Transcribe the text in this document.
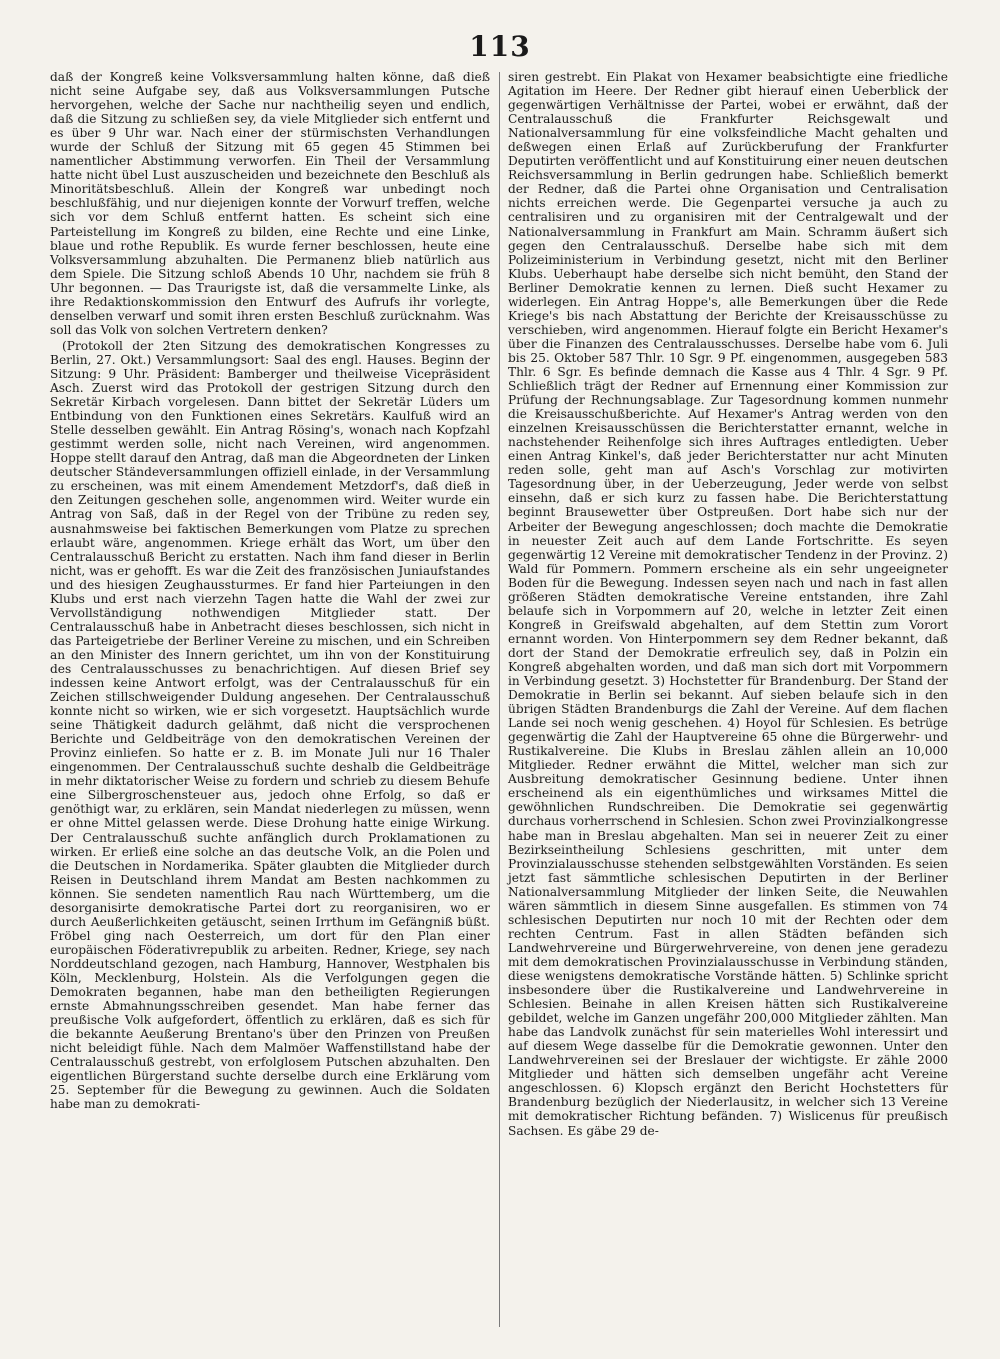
113

daß der Kongreß keine Volksversammlung halten könne, daß dieß nicht seine Aufgabe sey, daß aus Volksversammlungen Putsche hervorgehen, welche der Sache nur nachtheilig seyen und endlich, daß die Sitzung zu schließen sey, da viele Mitglieder sich entfernt und es über 9 Uhr war. Nach einer der stürmischsten Verhandlungen wurde der Schluß der Sitzung mit 65 gegen 45 Stimmen bei namentlicher Abstimmung verworfen. Ein Theil der Versammlung hatte nicht übel Lust auszuscheiden und bezeichnete den Beschluß als Minoritätsbeschluß. Allein der Kongreß war unbedingt noch beschlußfähig, und nur diejenigen konnte der Vorwurf treffen, welche sich vor dem Schluß entfernt hatten. Es scheint sich eine Parteistellung im Kongreß zu bilden, eine Rechte und eine Linke, blaue und rothe Republik. Es wurde ferner beschlossen, heute eine Volksversammlung abzuhalten. Die Permanenz blieb natürlich aus dem Spiele. Die Sitzung schloß Abends 10 Uhr, nachdem sie früh 8 Uhr begonnen. — Das Traurigste ist, daß die versammelte Linke, als ihre Redaktionskommission den Entwurf des Aufrufs ihr vorlegte, denselben verwarf und somit ihren ersten Beschluß zurücknahm. Was soll das Volk von solchen Vertretern denken?

(Protokoll der 2ten Sitzung des demokratischen Kongresses zu Berlin, 27. Okt.) Versammlungsort: Saal des engl. Hauses. Beginn der Sitzung: 9 Uhr. Präsident: Bamberger und theilweise Vicepräsident Asch. Zuerst wird das Protokoll der gestrigen Sitzung durch den Sekretär Kirbach vorgelesen. Dann bittet der Sekretär Lüders um Entbindung von den Funktionen eines Sekretärs. Kaulfuß wird an Stelle desselben gewählt. Ein Antrag Rösing's, wonach nach Kopfzahl gestimmt werden solle, nicht nach Vereinen, wird angenommen. Hoppe stellt darauf den Antrag, daß man die Abgeordneten der Linken deutscher Ständeversammlungen offiziell einlade, in der Versammlung zu erscheinen, was mit einem Amendement Metzdorf's, daß dieß in den Zeitungen geschehen solle, angenommen wird. Weiter wurde ein Antrag von Saß, daß in der Regel von der Tribüne zu reden sey, ausnahmsweise bei faktischen Bemerkungen vom Platze zu sprechen erlaubt wäre, angenommen. Kriege erhält das Wort, um über den Centralausschuß Bericht zu erstatten. Nach ihm fand dieser in Berlin nicht, was er gehofft. Es war die Zeit des französischen Juniaufstandes und des hiesigen Zeughaussturmes. Er fand hier Parteiungen in den Klubs und erst nach vierzehn Tagen hatte die Wahl der zwei zur Vervollständigung nothwendigen Mitglieder statt. Der Centralausschuß habe in Anbetracht dieses beschlossen, sich nicht in das Parteigetriebe der Berliner Vereine zu mischen, und ein Schreiben an den Minister des Innern gerichtet, um ihn von der Konstituirung des Centralausschusses zu benachrichtigen. Auf diesen Brief sey indessen keine Antwort erfolgt, was der Centralausschuß für ein Zeichen stillschweigender Duldung angesehen. Der Centralausschuß konnte nicht so wirken, wie er sich vorgesetzt. Hauptsächlich wurde seine Thätigkeit dadurch gelähmt, daß nicht die versprochenen Berichte und Geldbeiträge von den demokratischen Vereinen der Provinz einliefen. So hatte er z. B. im Monate Juli nur 16 Thaler eingenommen. Der Centralausschuß suchte deshalb die Geldbeiträge in mehr diktatorischer Weise zu fordern und schrieb zu diesem Behufe eine Silbergroschensteuer aus, jedoch ohne Erfolg, so daß er genöthigt war, zu erklären, sein Mandat niederlegen zu müssen, wenn er ohne Mittel gelassen werde. Diese Drohung hatte einige Wirkung. Der Centralausschuß suchte anfänglich durch Proklamationen zu wirken. Er erließ eine solche an das deutsche Volk, an die Polen und die Deutschen in Nordamerika. Später glaubten die Mitglieder durch Reisen in Deutschland ihrem Mandat am Besten nachkommen zu können. Sie sendeten namentlich Rau nach Württemberg, um die desorganisirte demokratische Partei dort zu reorganisiren, wo er durch Aeußerlichkeiten getäuscht, seinen Irrthum im Gefängniß büßt. Fröbel ging nach Oesterreich, um dort für den Plan einer europäischen Föderativrepublik zu arbeiten. Redner, Kriege, sey nach Norddeutschland gezogen, nach Hamburg, Hannover, Westphalen bis Köln, Mecklenburg, Holstein. Als die Verfolgungen gegen die Demokraten begannen, habe man den betheiligten Regierungen ernste Abmahnungsschreiben gesendet. Man habe ferner das preußische Volk aufgefordert, öffentlich zu erklären, daß es sich für die bekannte Aeußerung Brentano's über den Prinzen von Preußen nicht beleidigt fühle. Nach dem Malmöer Waffenstillstand habe der Centralausschuß gestrebt, von erfolglosem Putschen abzuhalten. Den eigentlichen Bürgerstand suchte derselbe durch eine Erklärung vom 25. September für die Bewegung zu gewinnen. Auch die Soldaten habe man zu demokrati-

siren gestrebt. Ein Plakat von Hexamer beabsichtigte eine friedliche Agitation im Heere. Der Redner gibt hierauf einen Ueberblick der gegenwärtigen Verhältnisse der Partei, wobei er erwähnt, daß der Centralausschuß die Frankfurter Reichsgewalt und Nationalversammlung für eine volksfeindliche Macht gehalten und deßwegen einen Erlaß auf Zurückberufung der Frankfurter Deputirten veröffentlicht und auf Konstituirung einer neuen deutschen Reichsversammlung in Berlin gedrungen habe. Schließlich bemerkt der Redner, daß die Partei ohne Organisation und Centralisation nichts erreichen werde. Die Gegenpartei versuche ja auch zu centralisiren und zu organisiren mit der Centralgewalt und der Nationalversammlung in Frankfurt am Main. Schramm äußert sich gegen den Centralausschuß. Derselbe habe sich mit dem Polizeiministerium in Verbindung gesetzt, nicht mit den Berliner Klubs. Ueberhaupt habe derselbe sich nicht bemüht, den Stand der Berliner Demokratie kennen zu lernen. Dieß sucht Hexamer zu widerlegen. Ein Antrag Hoppe's, alle Bemerkungen über die Rede Kriege's bis nach Abstattung der Berichte der Kreisausschüsse zu verschieben, wird angenommen. Hierauf folgte ein Bericht Hexamer's über die Finanzen des Centralausschusses. Derselbe habe vom 6. Juli bis 25. Oktober 587 Thlr. 10 Sgr. 9 Pf. eingenommen, ausgegeben 583 Thlr. 6 Sgr. Es befinde demnach die Kasse aus 4 Thlr. 4 Sgr. 9 Pf. Schließlich trägt der Redner auf Ernennung einer Kommission zur Prüfung der Rechnungsablage. Zur Tagesordnung kommen nunmehr die Kreisausschußberichte. Auf Hexamer's Antrag werden von den einzelnen Kreisausschüssen die Berichterstatter ernannt, welche in nachstehender Reihenfolge sich ihres Auftrages entledigten. Ueber einen Antrag Kinkel's, daß jeder Berichterstatter nur acht Minuten reden solle, geht man auf Asch's Vorschlag zur motivirten Tagesordnung über, in der Ueberzeugung, Jeder werde von selbst einsehn, daß er sich kurz zu fassen habe. Die Berichterstattung beginnt Brausewetter über Ostpreußen. Dort habe sich nur der Arbeiter der Bewegung angeschlossen; doch machte die Demokratie in neuester Zeit auch auf dem Lande Fortschritte. Es seyen gegenwärtig 12 Vereine mit demokratischer Tendenz in der Provinz. 2) Wald für Pommern. Pommern erscheine als ein sehr ungeeigneter Boden für die Bewegung. Indessen seyen nach und nach in fast allen größeren Städten demokratische Vereine entstanden, ihre Zahl belaufe sich in Vorpommern auf 20, welche in letzter Zeit einen Kongreß in Greifswald abgehalten, auf dem Stettin zum Vorort ernannt worden. Von Hinterpommern sey dem Redner bekannt, daß dort der Stand der Demokratie erfreulich sey, daß in Polzin ein Kongreß abgehalten worden, und daß man sich dort mit Vorpommern in Verbindung gesetzt. 3) Hochstetter für Brandenburg. Der Stand der Demokratie in Berlin sei bekannt. Auf sieben belaufe sich in den übrigen Städten Brandenburgs die Zahl der Vereine. Auf dem flachen Lande sei noch wenig geschehen. 4) Hoyol für Schlesien. Es betrüge gegenwärtig die Zahl der Hauptvereine 65 ohne die Bürgerwehr- und Rustikalvereine. Die Klubs in Breslau zählen allein an 10,000 Mitglieder. Redner erwähnt die Mittel, welcher man sich zur Ausbreitung demokratischer Gesinnung bediene. Unter ihnen erscheinend als ein eigenthümliches und wirksames Mittel die gewöhnlichen Rundschreiben. Die Demokratie sei gegenwärtig durchaus vorherrschend in Schlesien. Schon zwei Provinzialkongresse habe man in Breslau abgehalten. Man sei in neuerer Zeit zu einer Bezirkseintheilung Schlesiens geschritten, mit unter dem Provinzialausschusse stehenden selbstgewählten Vorständen. Es seien jetzt fast sämmtliche schlesischen Deputirten in der Berliner Nationalversammlung Mitglieder der linken Seite, die Neuwahlen wären sämmtlich in diesem Sinne ausgefallen. Es stimmen von 74 schlesischen Deputirten nur noch 10 mit der Rechten oder dem rechten Centrum. Fast in allen Städten befänden sich Landwehrvereine und Bürgerwehrvereine, von denen jene geradezu mit dem demokratischen Provinzialausschusse in Verbindung ständen, diese wenigstens demokratische Vorstände hätten. 5) Schlinke spricht insbesondere über die Rustikalvereine und Landwehrvereine in Schlesien. Beinahe in allen Kreisen hätten sich Rustikalvereine gebildet, welche im Ganzen ungefähr 200,000 Mitglieder zählten. Man habe das Landvolk zunächst für sein materielles Wohl interessirt und auf diesem Wege dasselbe für die Demokratie gewonnen. Unter den Landwehrvereinen sei der Breslauer der wichtigste. Er zähle 2000 Mitglieder und hätten sich demselben ungefähr acht Vereine angeschlossen. 6) Klopsch ergänzt den Bericht Hochstetters für Brandenburg bezüglich der Niederlausitz, in welcher sich 13 Vereine mit demokratischer Richtung befänden. 7) Wislicenus für preußisch Sachsen. Es gäbe 29 de-
